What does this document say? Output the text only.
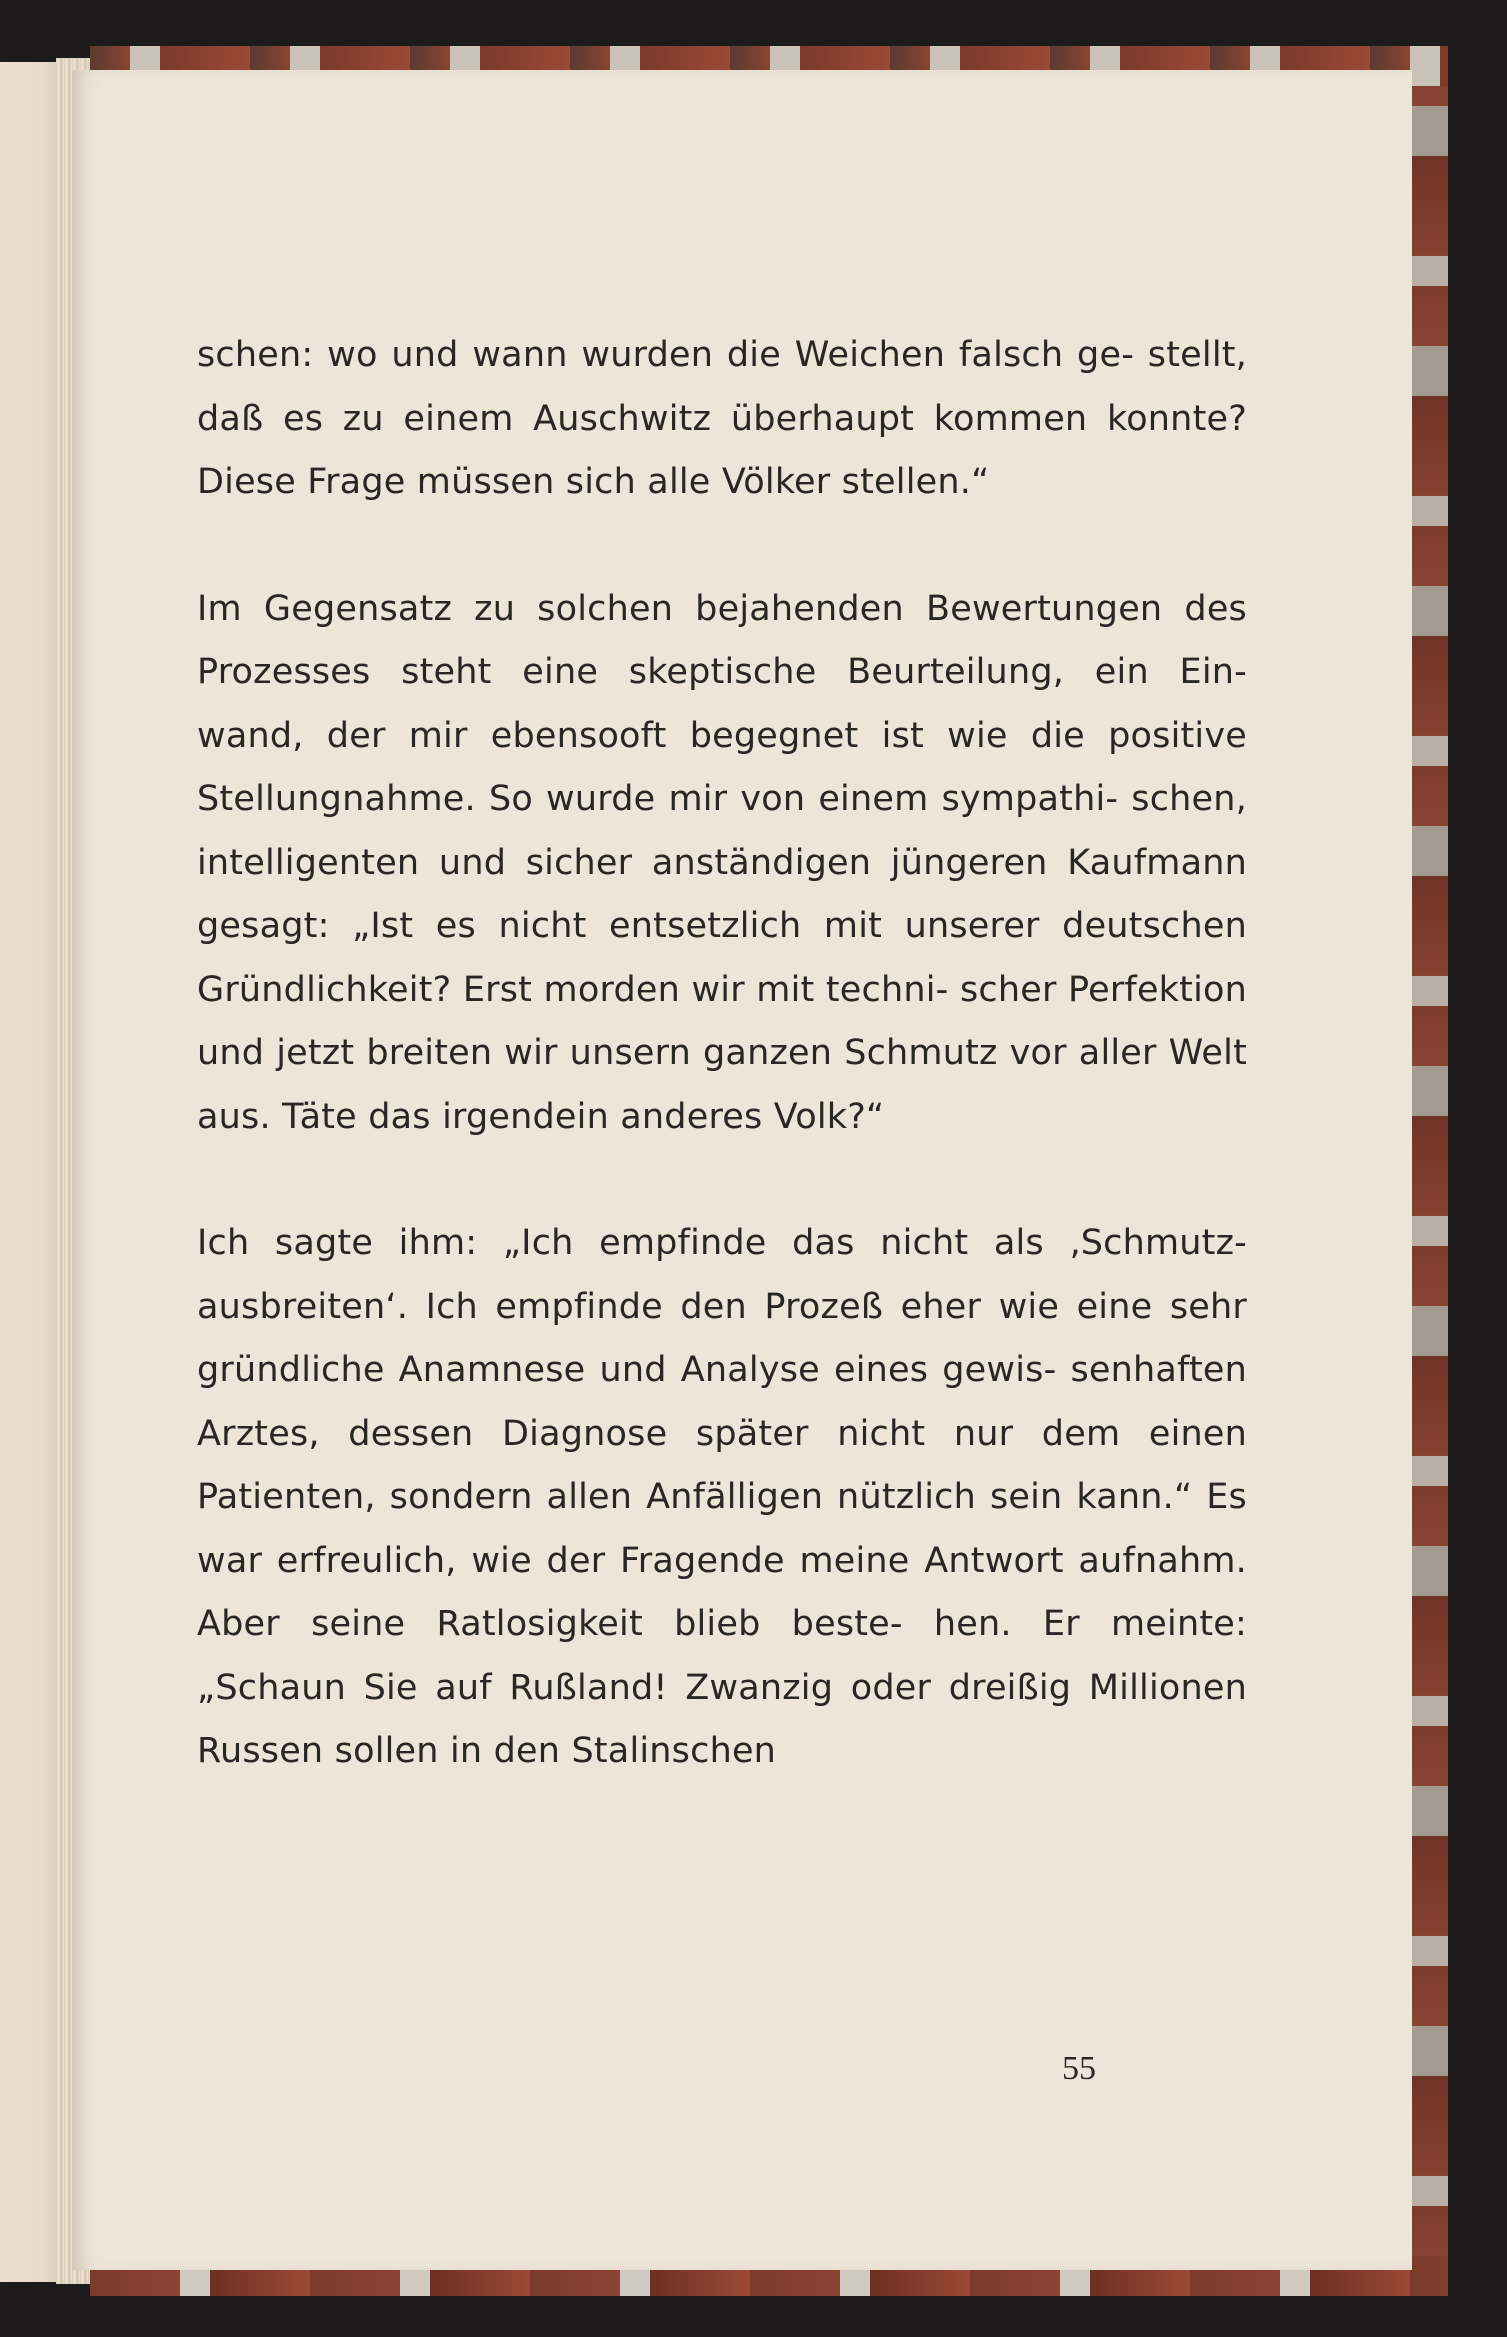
schen: wo und wann wurden die Weichen falsch ge- stellt, daß es zu einem Auschwitz überhaupt kommen konnte? Diese Frage müssen sich alle Völker stellen.“

Im Gegensatz zu solchen bejahenden Bewertungen des Prozesses steht eine skeptische Beurteilung, ein Ein- wand, der mir ebensooft begegnet ist wie die positive Stellungnahme. So wurde mir von einem sympathi- schen, intelligenten und sicher anständigen jüngeren Kaufmann gesagt: „Ist es nicht entsetzlich mit unserer deutschen Gründlichkeit? Erst morden wir mit techni- scher Perfektion und jetzt breiten wir unsern ganzen Schmutz vor aller Welt aus. Täte das irgendein anderes Volk?“

Ich sagte ihm: „Ich empfinde das nicht als ‚Schmutz- ausbreiten‘. Ich empfinde den Prozeß eher wie eine sehr gründliche Anamnese und Analyse eines gewis- senhaften Arztes, dessen Diagnose später nicht nur dem einen Patienten, sondern allen Anfälligen nützlich sein kann.“ Es war erfreulich, wie der Fragende meine Antwort aufnahm. Aber seine Ratlosigkeit blieb beste- hen. Er meinte: „Schaun Sie auf Rußland! Zwanzig oder dreißig Millionen Russen sollen in den Stalinschen

55
